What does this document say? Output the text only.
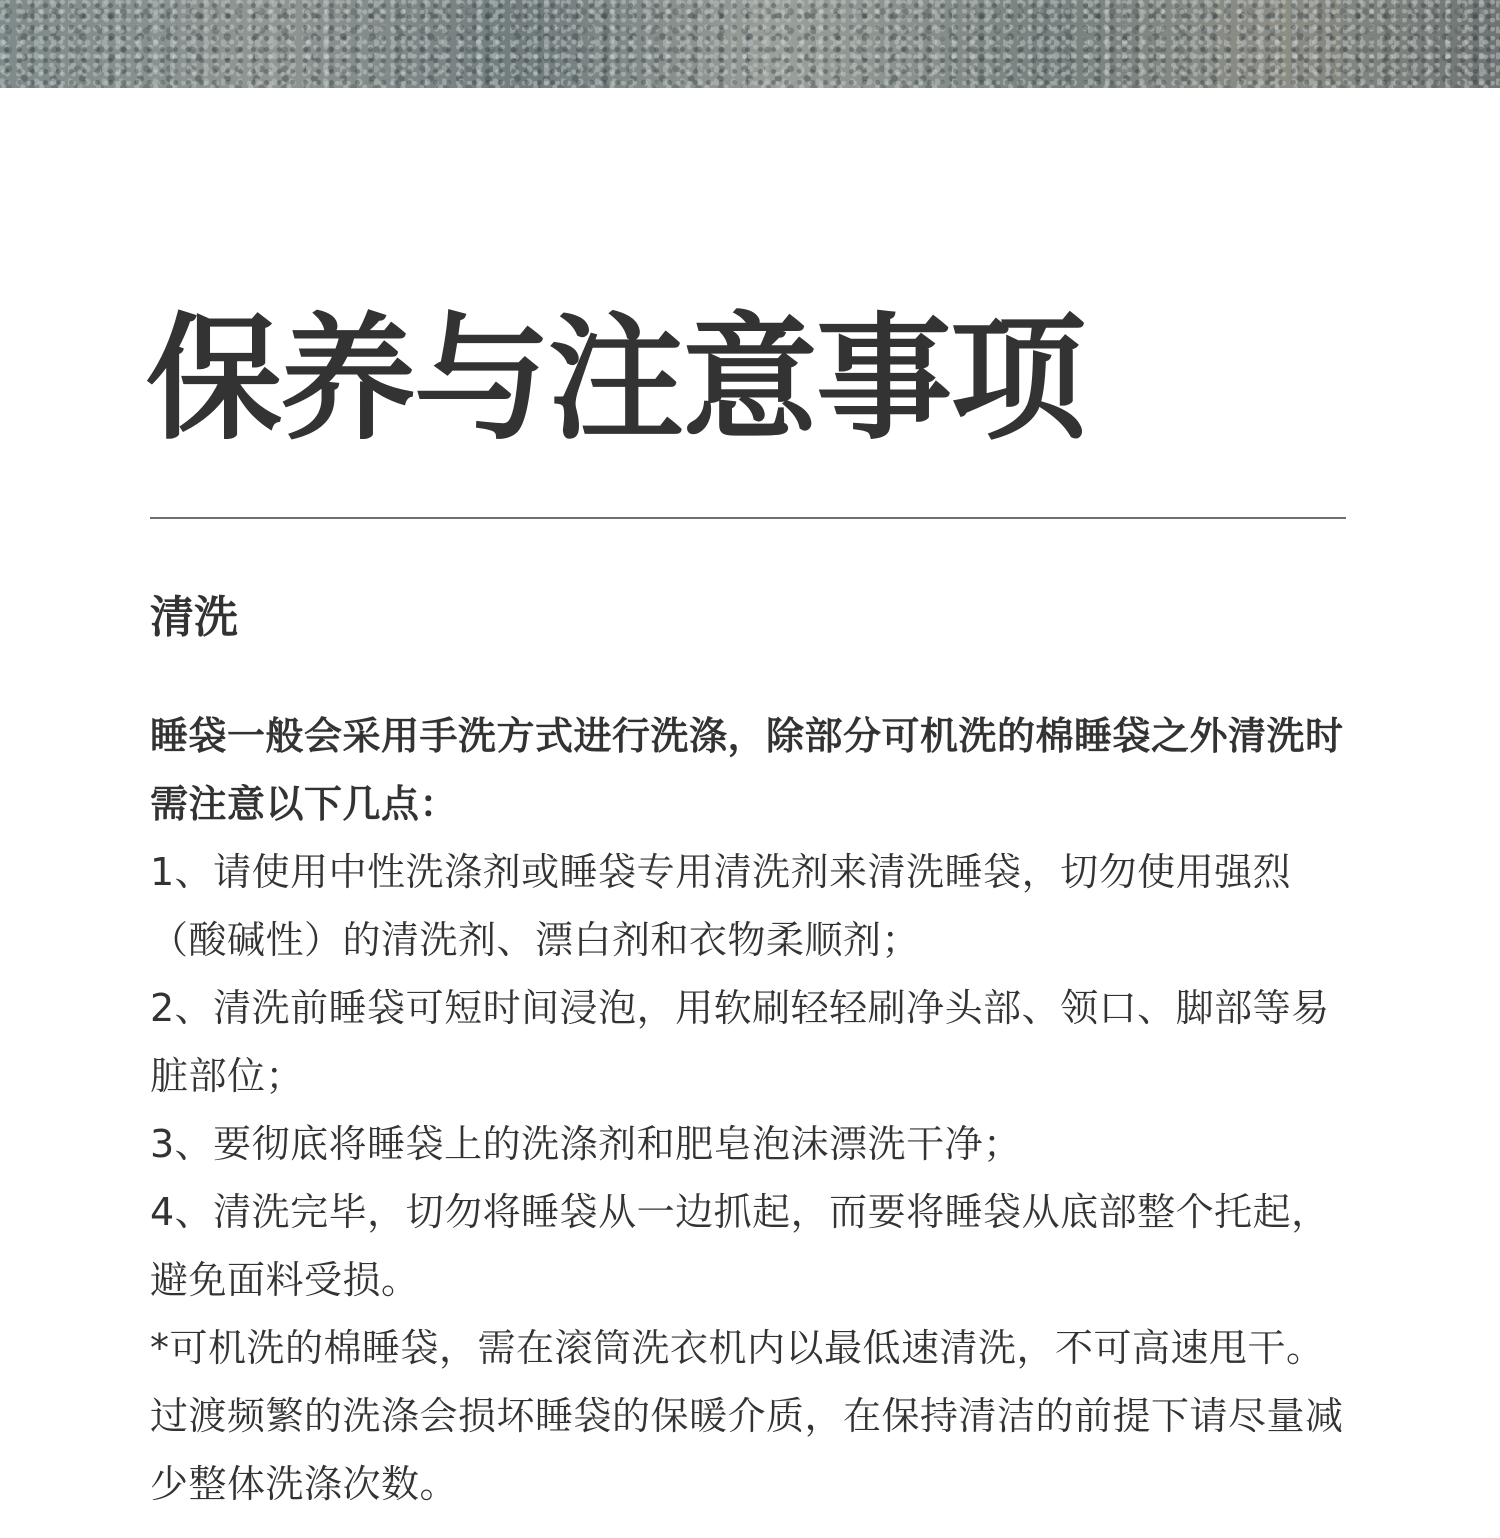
保养与注意事项
清洗

睡袋一般会采用手洗方式进行洗涤，除部分可机洗的棉睡袋之外清洗时需注意以下几点：

1、请使用中性洗涤剂或睡袋专用清洗剂来清洗睡袋，切勿使用强烈（酸碱性）的清洗剂、漂白剂和衣物柔顺剂；

2、清洗前睡袋可短时间浸泡，用软刷轻轻刷净头部、领口、脚部等易脏部位；

3、要彻底将睡袋上的洗涤剂和肥皂泡沫漂洗干净；

4、清洗完毕，切勿将睡袋从一边抓起，而要将睡袋从底部整个托起，避免面料受损。

*可机洗的棉睡袋，需在滚筒洗衣机内以最低速清洗，不可高速甩干。过渡频繁的洗涤会损坏睡袋的保暖介质，在保持清洁的前提下请尽量减少整体洗涤次数。
